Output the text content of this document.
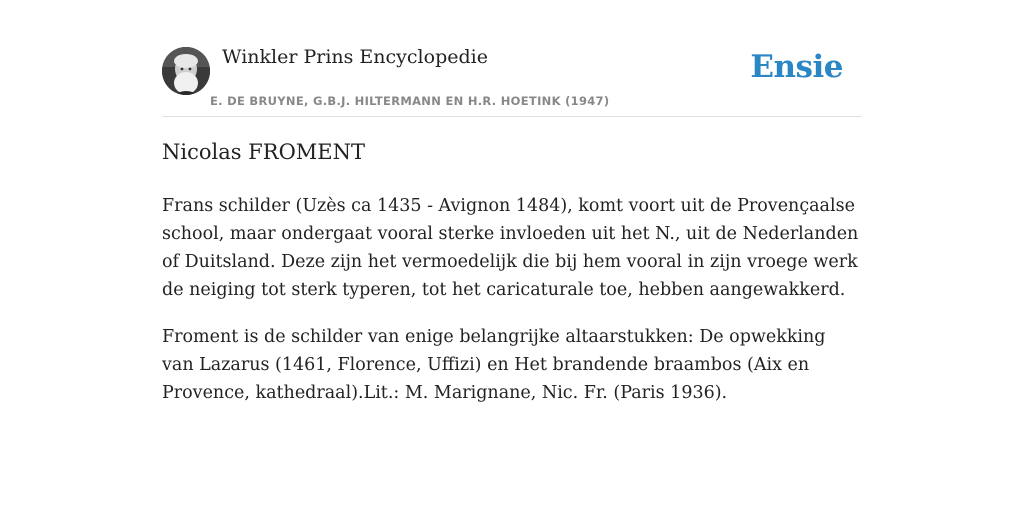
Winkler Prins Encyclopedie
E. DE BRUYNE, G.B.J. HILTERMANN EN H.R. HOETINK (1947)
Ensie
Nicolas FROMENT

Frans schilder (Uzès ca 1435 - Avignon 1484), komt voort uit de Provençaalse school, maar ondergaat vooral sterke invloeden uit het N., uit de Nederlanden of Duitsland. Deze zijn het vermoedelijk die bij hem vooral in zijn vroege werk de neiging tot sterk typeren, tot het caricaturale toe, hebben aangewakkerd.

Froment is de schilder van enige belangrijke altaarstukken: De opwekking van Lazarus (1461, Florence, Uffizi) en Het brandende braambos (Aix en Provence, kathedraal).Lit.: M. Marignane, Nic. Fr. (Paris 1936).
